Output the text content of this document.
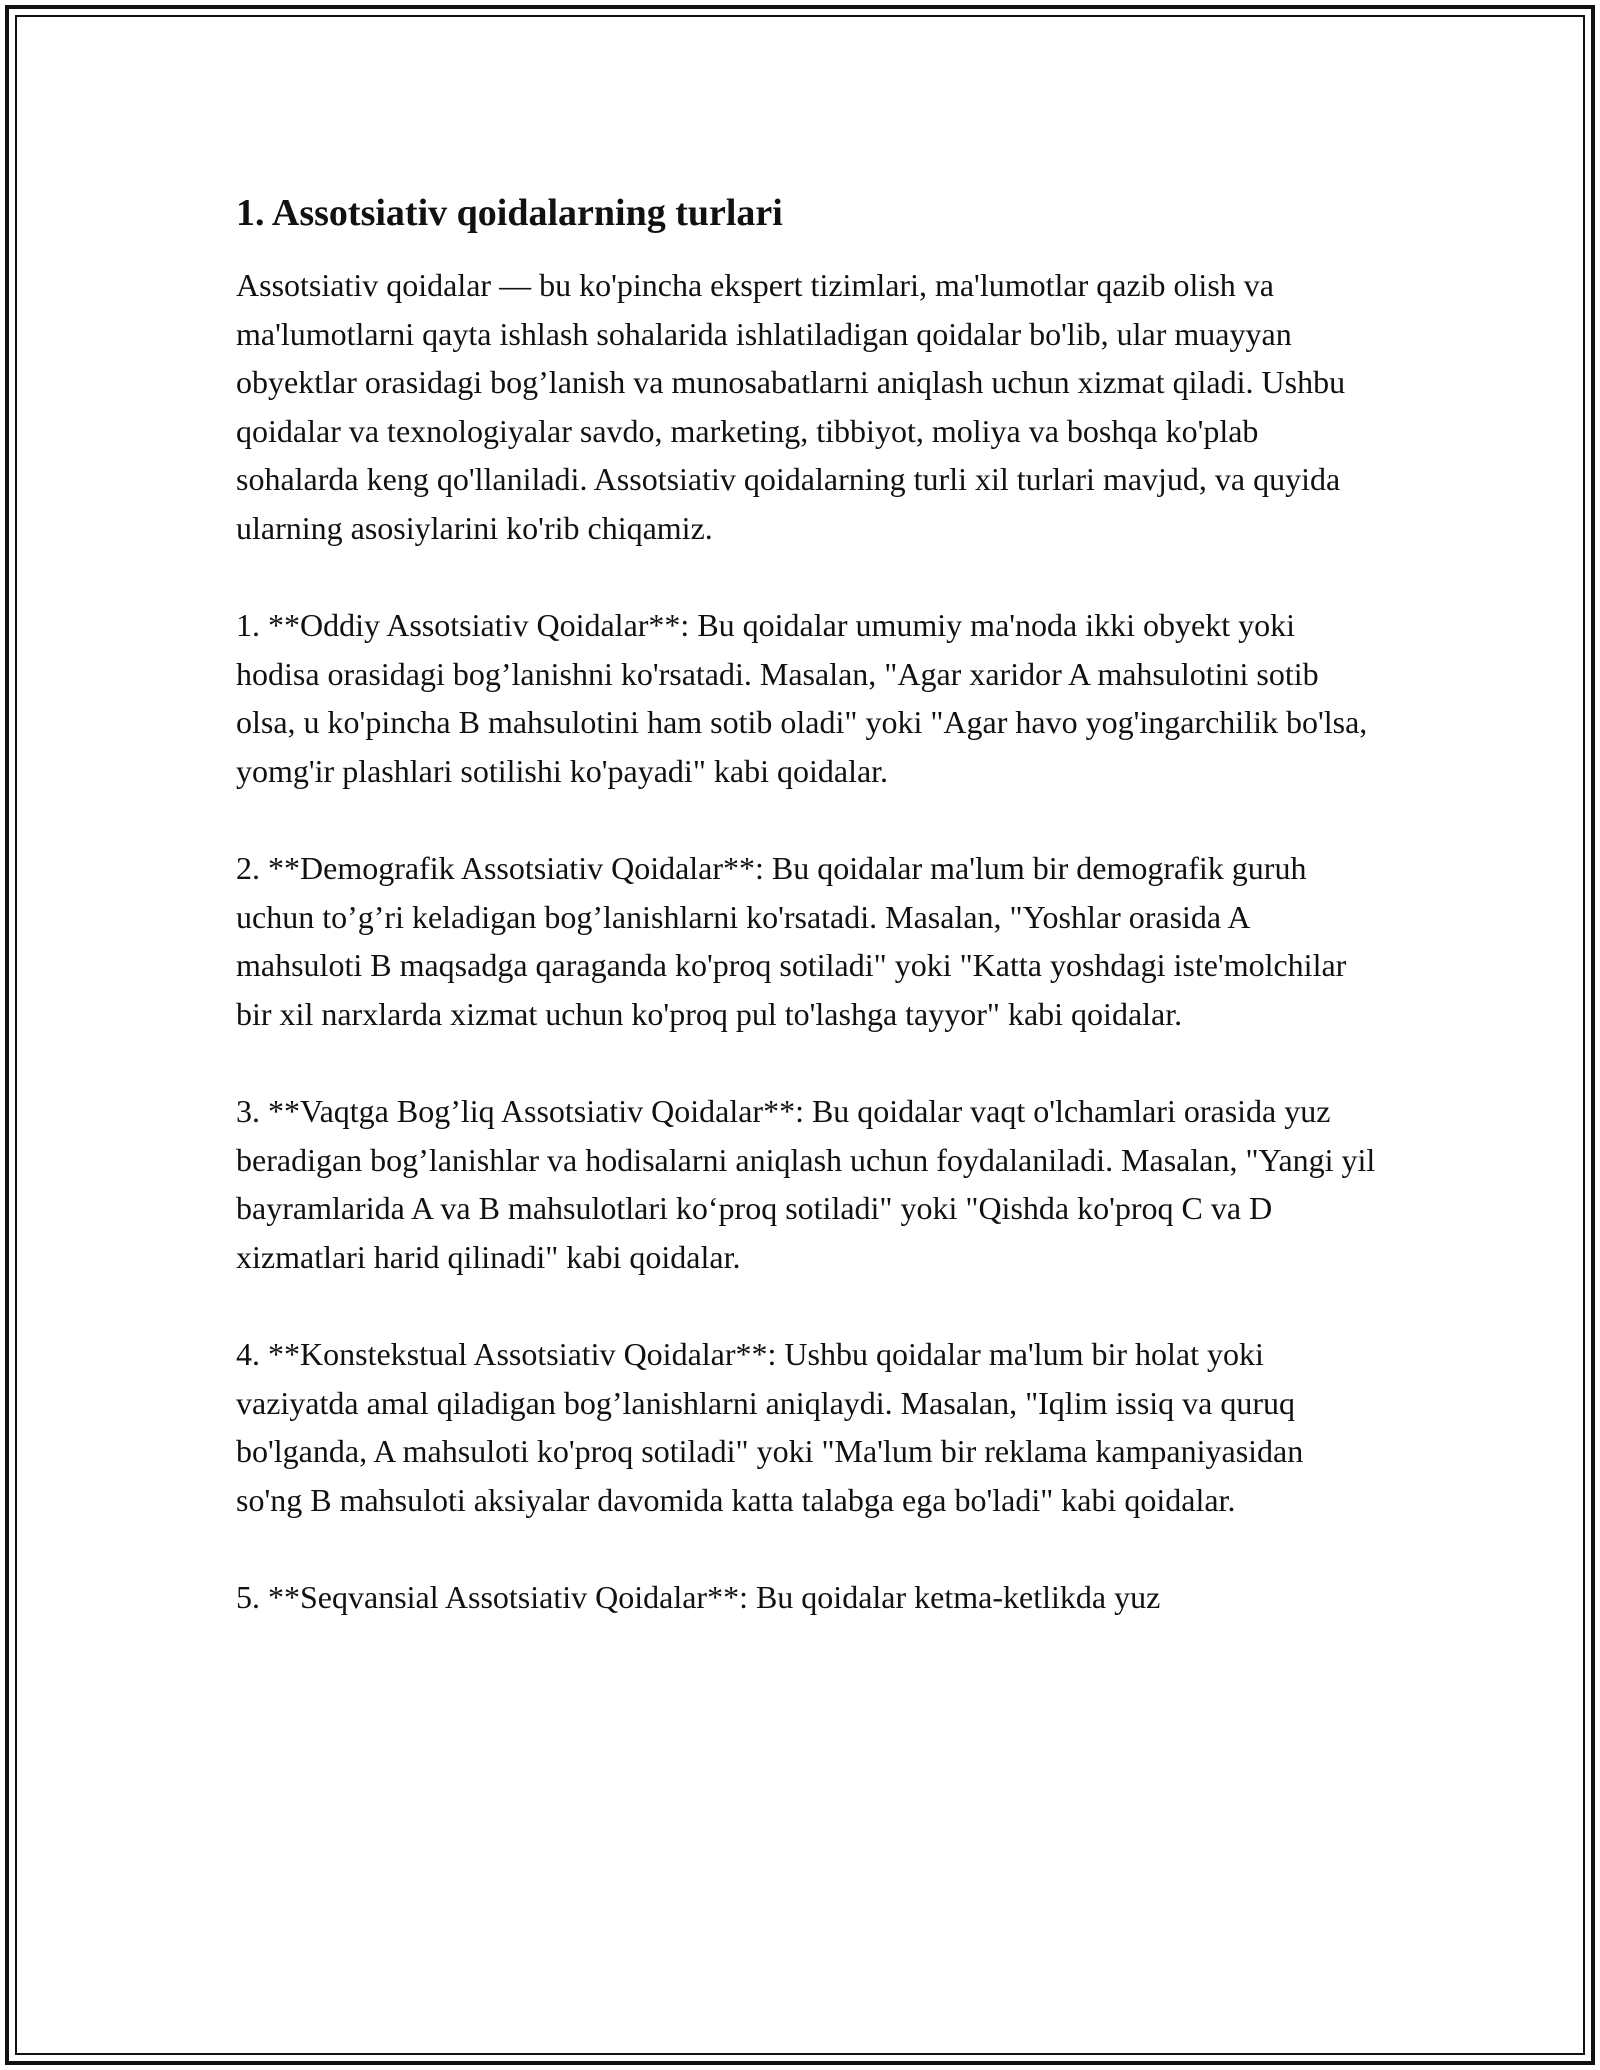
1. Assotsiativ qoidalarning turlari

Assotsiativ qoidalar — bu ko'pincha ekspert tizimlari, ma'lumotlar qazib olish va ma'lumotlarni qayta ishlash sohalarida ishlatiladigan qoidalar bo'lib, ular muayyan obyektlar orasidagi bog’lanish va munosabatlarni aniqlash uchun xizmat qiladi. Ushbu qoidalar va texnologiyalar savdo, marketing, tibbiyot, moliya va boshqa ko'plab sohalarda keng qo'llaniladi. Assotsiativ qoidalarning turli xil turlari mavjud, va quyida ularning asosiylarini ko'rib chiqamiz.

1. **Oddiy Assotsiativ Qoidalar**: Bu qoidalar umumiy ma'noda ikki obyekt yoki hodisa orasidagi bog’lanishni ko'rsatadi. Masalan, "Agar xaridor A mahsulotini sotib olsa, u ko'pincha B mahsulotini ham sotib oladi" yoki "Agar havo yog'ingarchilik bo'lsa, yomg'ir plashlari sotilishi ko'payadi" kabi qoidalar.

2. **Demografik Assotsiativ Qoidalar**: Bu qoidalar ma'lum bir demografik guruh uchun to’g’ri keladigan bog’lanishlarni ko'rsatadi. Masalan, "Yoshlar orasida A mahsuloti B maqsadga qaraganda ko'proq sotiladi" yoki "Katta yoshdagi iste'molchilar bir xil narxlarda xizmat uchun ko'proq pul to'lashga tayyor" kabi qoidalar.

3. **Vaqtga Bog’liq Assotsiativ Qoidalar**: Bu qoidalar vaqt o'lchamlari orasida yuz beradigan bog’lanishlar va hodisalarni aniqlash uchun foydalaniladi. Masalan, "Yangi yil bayramlarida A va B mahsulotlari ko‘proq sotiladi" yoki "Qishda ko'proq C va D xizmatlari harid qilinadi" kabi qoidalar.

4. **Konstekstual Assotsiativ Qoidalar**: Ushbu qoidalar ma'lum bir holat yoki vaziyatda amal qiladigan bog’lanishlarni aniqlaydi. Masalan, "Iqlim issiq va quruq bo'lganda, A mahsuloti ko'proq sotiladi" yoki "Ma'lum bir reklama kampaniyasidan so'ng B mahsuloti aksiyalar davomida katta talabga ega bo'ladi" kabi qoidalar.

5. **Seqvansial Assotsiativ Qoidalar**: Bu qoidalar ketma-ketlikda yuz
